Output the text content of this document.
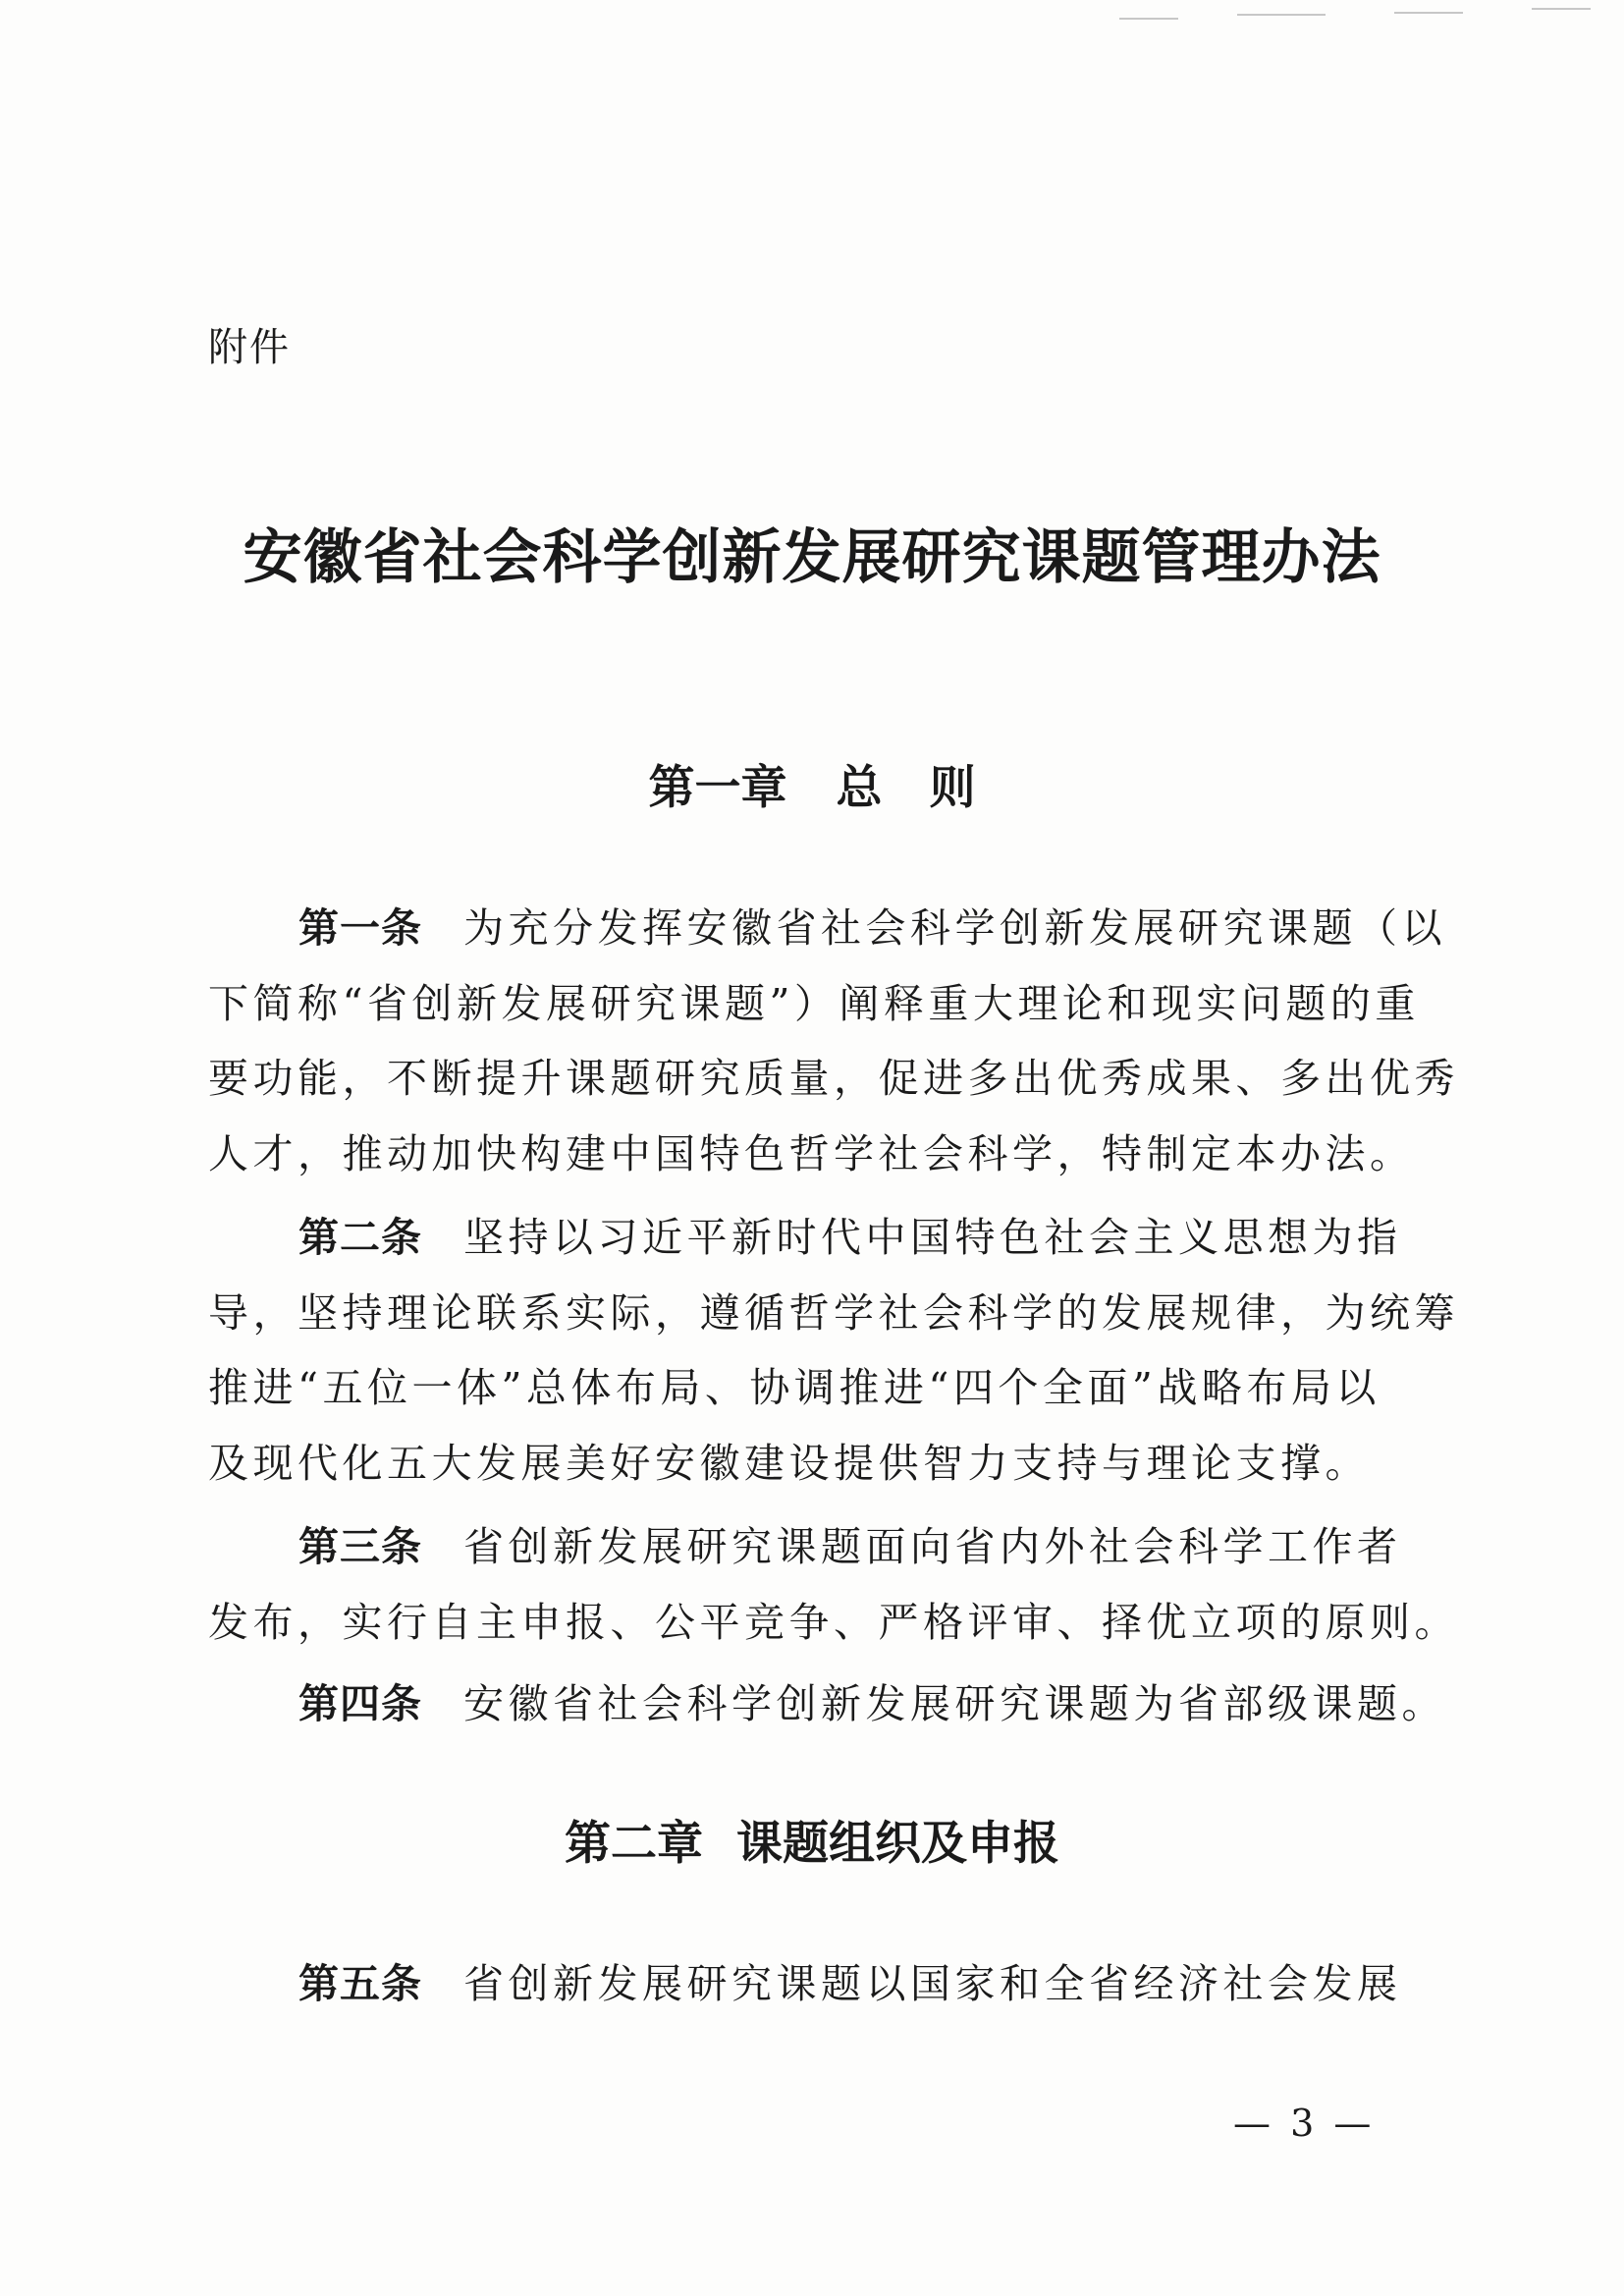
附件
安徽省社会科学创新发展研究课题管理办法
第一章 总 则
第一条 为充分发挥安徽省社会科学创新发展研究课题（以
下简称“省创新发展研究课题”）阐释重大理论和现实问题的重
要功能，不断提升课题研究质量，促进多出优秀成果、多出优秀
人才，推动加快构建中国特色哲学社会科学，特制定本办法。
第二条 坚持以习近平新时代中国特色社会主义思想为指
导，坚持理论联系实际，遵循哲学社会科学的发展规律，为统筹
推进“五位一体”总体布局、协调推进“四个全面”战略布局以
及现代化五大发展美好安徽建设提供智力支持与理论支撑。
第三条 省创新发展研究课题面向省内外社会科学工作者
发布，实行自主申报、公平竞争、严格评审、择优立项的原则。
第四条 安徽省社会科学创新发展研究课题为省部级课题。
第二章 课题组织及申报
第五条 省创新发展研究课题以国家和全省经济社会发展
— 3 —
